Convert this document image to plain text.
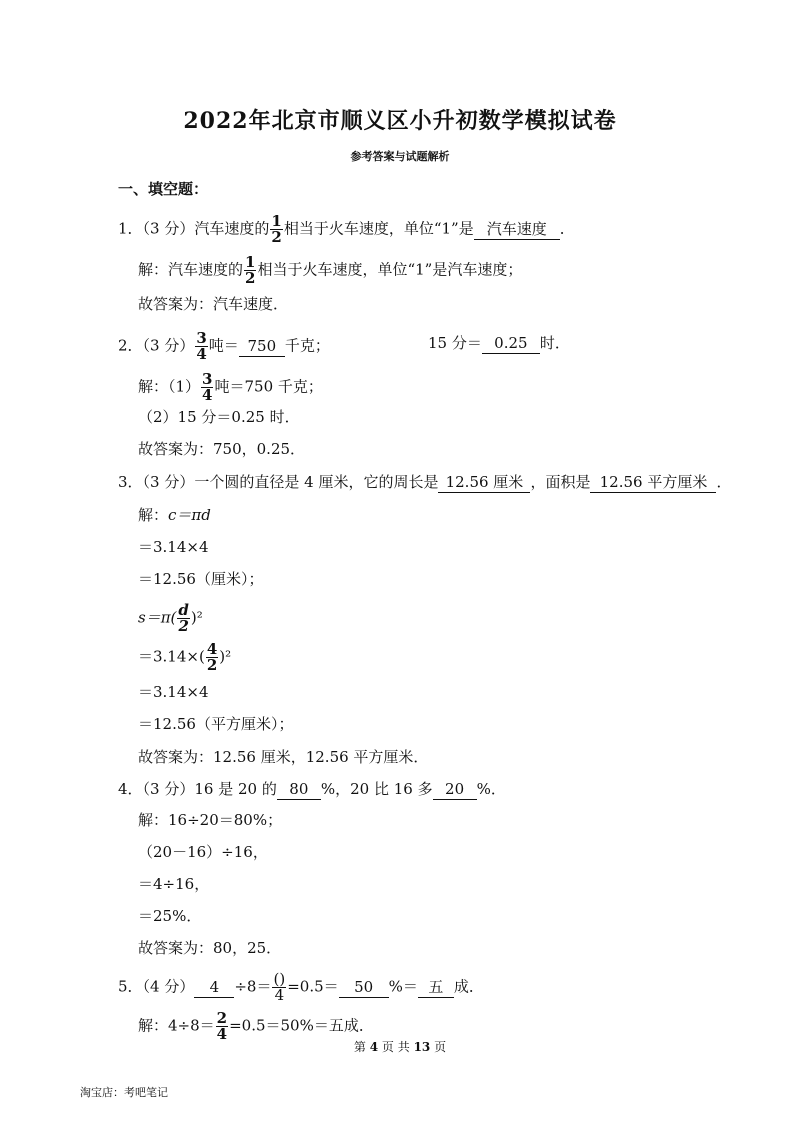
2022年北京市顺义区小升初数学模拟试卷
参考答案与试题解析
一、填空题：
1．（3 分）汽车速度的 $\frac{1}{2}$ 相当于火车速度，单位“1”是 汽车速度 ．
解：汽车速度的 $\frac{1}{2}$ 相当于火车速度，单位“1”是汽车速度；
故答案为：汽车速度．
2．（3 分） $\frac{3}{4}$ 吨＝ 750 千克；	15 分＝ 0.25 时．
解：$(1) \frac{3}{4}$ 吨＝750 千克；
（2）15 分＝0.25 时．
故答案为：750，0.25．
3．（3 分）一个圆的直径是 4 厘米，它的周长是 12.56 厘米 ，面积是 12.56 平方厘米 ．
解：c＝πd
＝3.14×4
＝12.56（厘米）；
$s=\pi( \frac{d}{2} )^2$
$=3.14\times( \frac{4}{2} )^2$
＝3.14×4
＝12.56（平方厘米）；
故答案为：12.56 厘米，12.56 平方厘米．
4．（3 分）16 是 20 的 80 %，20 比 16 多 20 %．
解：16÷20＝80%；
（20－16）÷16，
＝4÷16，
＝25%．
故答案为：80，25．
5．（4 分） $4 \div 8= \frac{()}{4} =0.5= 50$ %＝ 五 成．
解：$4\div 8= \frac{2}{4} =0.5=50\%=$五成．
第 4 页 共 13 页
淘宝店：考吧笔记
